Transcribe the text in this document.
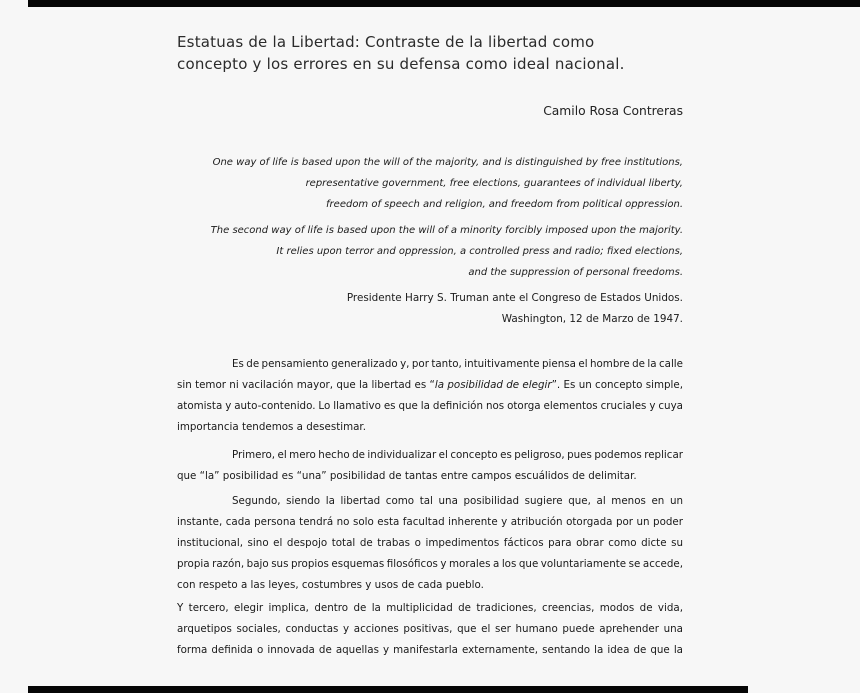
Estatuas de la Libertad: Contraste de la libertad como
concepto y los errores en su defensa como ideal nacional.
Camilo Rosa Contreras
One way of life is based upon the will of the majority, and is distinguished by free institutions,
representative government, free elections, guarantees of individual liberty,
freedom of speech and religion, and freedom from political oppression.
The second way of life is based upon the will of a minority forcibly imposed upon the majority.
It relies upon terror and oppression, a controlled press and radio; fixed elections,
and the suppression of personal freedoms.
Presidente Harry S. Truman ante el Congreso de Estados Unidos.
Washington, 12 de Marzo de 1947.
Es de pensamiento generalizado y, por tanto, intuitivamente piensa el hombre de la calle
sin temor ni vacilación mayor, que la libertad es “la posibilidad de elegir”. Es un concepto simple,
atomista y auto-contenido. Lo llamativo es que la definición nos otorga elementos cruciales y cuya
importancia tendemos a desestimar.
Primero, el mero hecho de individualizar el concepto es peligroso, pues podemos replicar
que “la” posibilidad es “una” posibilidad de tantas entre campos escuálidos de delimitar.
Segundo, siendo la libertad como tal una posibilidad sugiere que, al menos en un
instante, cada persona tendrá no solo esta facultad inherente y atribución otorgada por un poder
institucional, sino el despojo total de trabas o impedimentos fácticos para obrar como dicte su
propia razón, bajo sus propios esquemas filosóficos y morales a los que voluntariamente se accede,
con respeto a las leyes, costumbres y usos de cada pueblo.
Y tercero, elegir implica, dentro de la multiplicidad de tradiciones, creencias, modos de vida,
arquetipos sociales, conductas y acciones positivas, que el ser humano puede aprehender una
forma definida o innovada de aquellas y manifestarla externamente, sentando la idea de que la
